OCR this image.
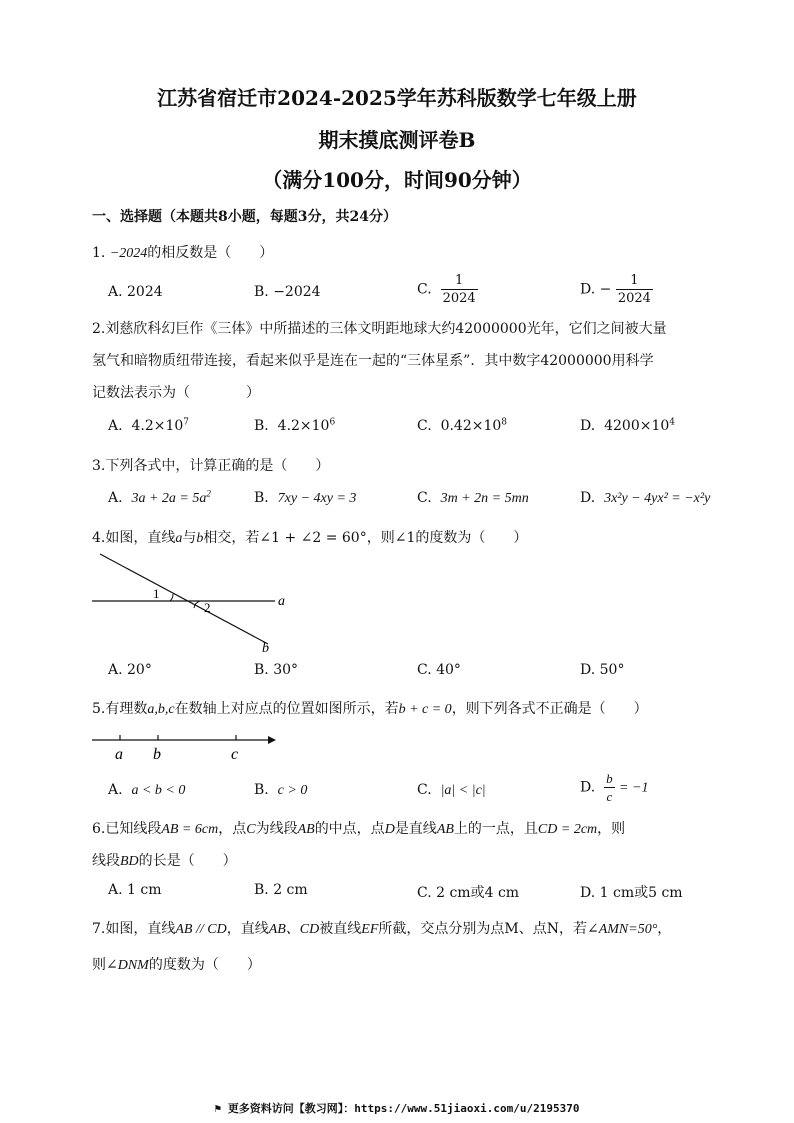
江苏省宿迁市2024-2025学年苏科版数学七年级上册
期末摸底测评卷B
（满分100分，时间90分钟）
一、选择题（本题共8小题，每题3分，共24分）
1. −2024的相反数是（　　）
A. 2024	B. −2024	C. $\frac{1}{2024}$	D. − $\frac{1}{2024}$
2.刘慈欣科幻巨作《三体》中所描述的三体文明距地球大约42000000光年，它们之间被大量
氢气和暗物质纽带连接，看起来似乎是连在一起的“三体星系”．其中数字42000000用科学
记数法表示为（　　　　）
A. $4.2\times 10^7$	B. $4.2\times 10^6$	C. $0.42\times 10^8$	D. $4200\times 10^4$
3.下列各式中，计算正确的是（　　）
A. $3a + 2a = 5a^2$	B. 7xy − 4xy = 3	C. 3m + 2n = 5mn	D. 3x²y − 4yx² = −x²y
4.如图，直线a与b相交，若∠1 + ∠2 = 60°，则∠1的度数为（　　）
1
2	a
b
A. 20°	B. 30°	C. 40°	D. 50°
5.有理数a,b,c在数轴上对应点的位置如图所示，若b + c = 0，则下列各式不正确是（　　）
a b	c
A. a < b < 0	B. c > 0	C. |a| < |c|	D. $\frac{b}{c} = -1$
6.已知线段AB = 6cm，点C为线段AB的中点，点D是直线AB上的一点，且CD = 2cm，则
线段BD的长是（　　）
A. 1 cm	B. 2 cm	C. 2 cm或4 cm	D. 1 cm或5 cm
7.如图，直线AB // CD，直线AB、CD被直线EF所截，交点分别为点M、点N，若∠AMN=50°，
则∠DNM的度数为（　　）
⚑ 更多资料访问【教习网】：https://www.51jiaoxi.com/u/2195370
